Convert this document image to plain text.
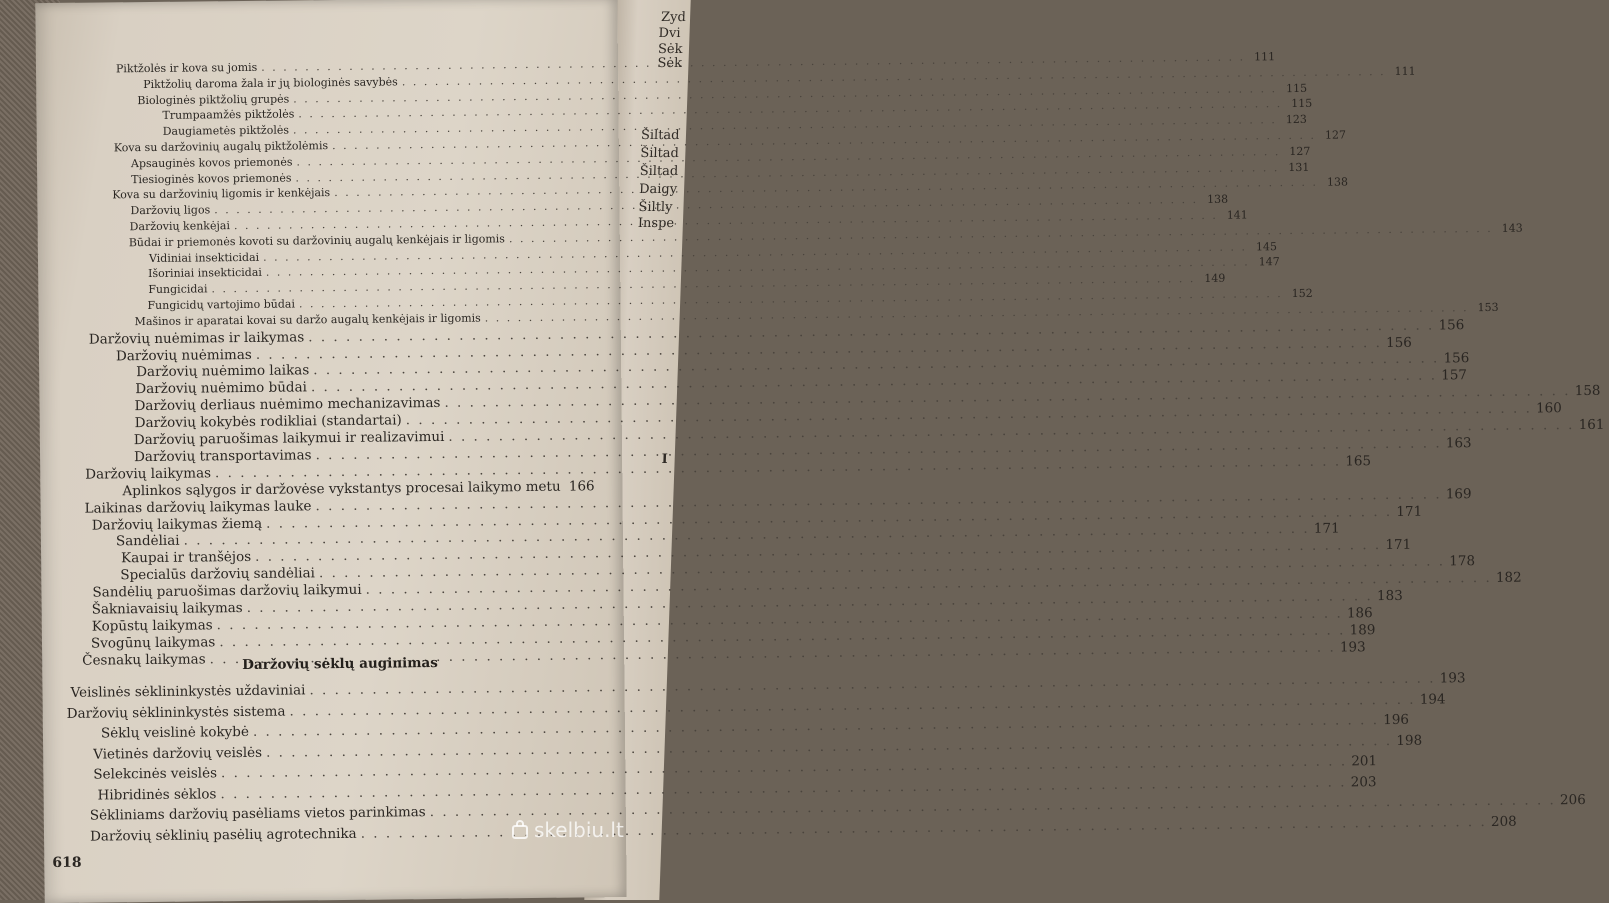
Zyd
Dvi
Sėk
Sėk
Šiltad
Šiltad
Šiltad
Daigy
Šiltly
Inspe
I
Piktžolės ir kova su jomis
. . .
111
Piktžolių daroma žala ir jų biologinės savybės
. . .
111
Biologinės piktžolių grupės
. . .
115
Trumpaamžės piktžolės
. . .
115
Daugiametės piktžolės
. . .
123
Kova su daržovinių augalų piktžolėmis
. . .
127
Apsauginės kovos priemonės
. . .
127
Tiesioginės kovos priemonės
. . .
131
Kova su daržovinių ligomis ir kenkėjais
. . .
138
Daržovių ligos
. . .
138
Daržovių kenkėjai
. . .
141
Būdai ir priemonės kovoti su daržovinių augalų kenkėjais ir ligomis
. . .
143
Vidiniai insekticidai
. . .
145
Išoriniai insekticidai
. . .
147
Fungicidai
. . .
149
Fungicidų vartojimo būdai
. . .
152
Mašinos ir aparatai kovai su daržo augalų kenkėjais ir ligomis
. . .
153
Daržovių nuėmimas ir laikymas
. . .
156
Daržovių nuėmimas
. . .
156
Daržovių nuėmimo laikas
. . .
156
Daržovių nuėmimo būdai
. . .
157
Daržovių derliaus nuėmimo mechanizavimas
. . .
158
Daržovių kokybės rodikliai (standartai)
. . .
160
Daržovių paruošimas laikymui ir realizavimui
. . .
161
Daržovių transportavimas
. . .
163
Daržovių laikymas
. . .
165
Aplinkos sąlygos ir daržovėse vykstantys procesai laikymo metu
. . . 166
Laikinas daržovių laikymas lauke
. . .
169
Daržovių laikymas žiemą
. . .
171
Sandėliai
. . .
171
Kaupai ir tranšėjos
. . .
171
Specialūs daržovių sandėliai
. . .
178
Sandėlių paruošimas daržovių laikymui
. . .
182
Šakniavaisių laikymas
. . .
183
Kopūstų laikymas
. . .
186
Svogūnų laikymas
. . .
189
Česnakų laikymas
. . .
193
Daržovių sėklų auginimas
Veislinės sėklininkystės uždaviniai
. . .
193
Daržovių sėklininkystės sistema
. . .
194
Sėklų veislinė kokybė
. . .
196
Vietinės daržovių veislės
. . .
198
Selekcinės veislės
. . .
201
Hibridinės sėklos
. . .
203
Sėkliniams daržovių pasėliams vietos parinkimas
. . .
206
Daržovių sėklinių pasėlių agrotechnika
. . .
208
618
skelbiu.lt
